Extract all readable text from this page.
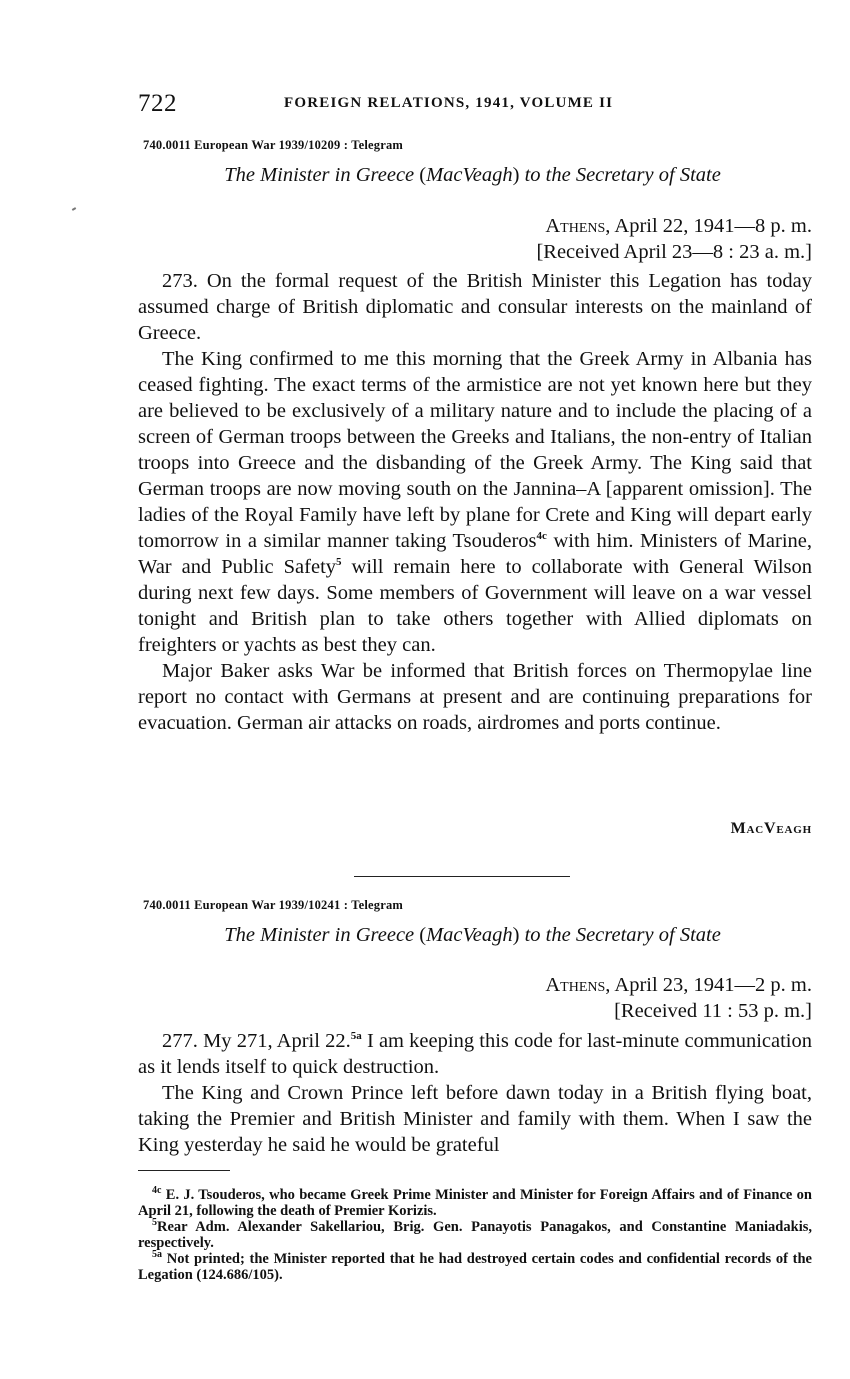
722	FOREIGN RELATIONS, 1941, VOLUME II
740.0011 European War 1939/10209 : Telegram
The Minister in Greece (MacVeagh) to the Secretary of State
Athens, April 22, 1941—8 p. m.
[Received April 23—8 : 23 a. m.]

273. On the formal request of the British Minister this Legation has today assumed charge of British diplomatic and consular interests on the mainland of Greece.

The King confirmed to me this morning that the Greek Army in Albania has ceased fighting. The exact terms of the armistice are not yet known here but they are believed to be exclusively of a military nature and to include the placing of a screen of German troops between the Greeks and Italians, the non-entry of Italian troops into Greece and the disbanding of the Greek Army. The King said that German troops are now moving south on the Jannina–A [apparent omission]. The ladies of the Royal Family have left by plane for Crete and King will depart early tomorrow in a similar manner taking Tsouderos$^{4c}$ with him. Ministers of Marine, War and Public Safety$^5$ will remain here to collaborate with General Wilson during next few days. Some members of Government will leave on a war vessel tonight and British plan to take others together with Allied diplomats on freighters or yachts as best they can.

Major Baker asks War be informed that British forces on Thermopylae line report no contact with Germans at present and are continuing preparations for evacuation. German air attacks on roads, airdromes and ports continue.

MacVeagh
740.0011 European War 1939/10241 : Telegram
The Minister in Greece (MacVeagh) to the Secretary of State
Athens, April 23, 1941—2 p. m.
[Received 11 : 53 p. m.]

277. My 271, April 22.$^{5a}$ I am keeping this code for last-minute communication as it lends itself to quick destruction.

The King and Crown Prince left before dawn today in a British flying boat, taking the Premier and British Minister and family with them. When I saw the King yesterday he said he would be grateful

$^{4c}$ E. J. Tsouderos, who became Greek Prime Minister and Minister for Foreign Affairs and of Finance on April 21, following the death of Premier Korizis.

$^5$Rear Adm. Alexander Sakellariou, Brig. Gen. Panayotis Panagakos, and Constantine Maniadakis, respectively.

$^{5a}$ Not printed; the Minister reported that he had destroyed certain codes and confidential records of the Legation (124.686/105).
